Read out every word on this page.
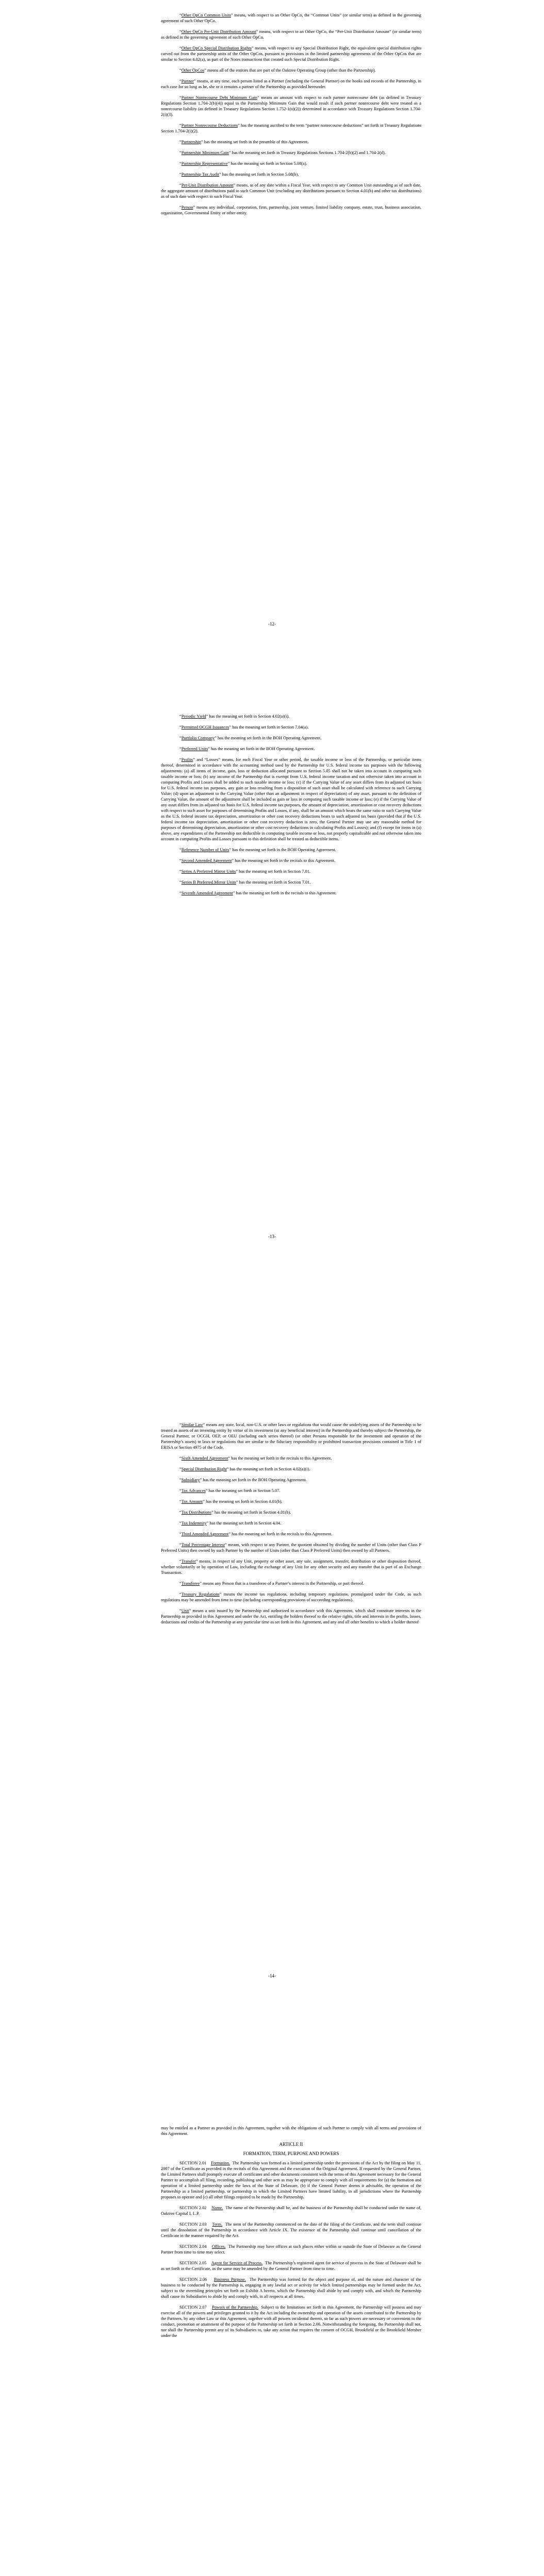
“Other OpCo Common Units” means, with respect to an Other OpCo, the “Common Units” (or similar term) as defined in the governing agreement of such Other OpCo.

“Other OpCo Per-Unit Distribution Amount” means, with respect to an Other OpCo, the “Per-Unit Distribution Amount” (or similar term) as defined in the governing agreement of such Other OpCo.

“Other OpCo Special Distribution Rights” means, with respect to any Special Distribution Right, the equivalent special distribution rights carved out from the partnership units of the Other OpCos, pursuant to provisions in the limited partnership agreements of the Other OpCos that are similar to Section 4.02(a), as part of the Notes transactions that created such Special Distribution Right.

“Other OpCos” means all of the entities that are part of the Oaktree Operating Group (other than the Partnership).

“Partner” means, at any time, each person listed as a Partner (including the General Partner) on the books and records of the Partnership, in each case for so long as he, she or it remains a partner of the Partnership as provided hereunder.

“Partner Nonrecourse Debt Minimum Gain” means an amount with respect to each partner nonrecourse debt (as defined in Treasury Regulations Section 1.704-2(b)(4)) equal to the Partnership Minimum Gain that would result if such partner nonrecourse debt were treated as a nonrecourse liability (as defined in Treasury Regulations Section 1.752-1(a)(2)) determined in accordance with Treasury Regulations Section 1.704-2(i)(3).

“Partner Nonrecourse Deductions” has the meaning ascribed to the term “partner nonrecourse deductions” set forth in Treasury Regulations Section 1.704-2(i)(2).

“Partnership” has the meaning set forth in the preamble of this Agreement.

“Partnership Minimum Gain” has the meaning set forth in Treasury Regulations Sections 1.704-2(b)(2) and 1.704-2(d).

“Partnership Representative” has the meaning set forth in Section 5.08(a).

“Partnership Tax Audit” has the meaning set forth in Section 5.08(b).

“Per-Unit Distribution Amount” means, as of any date within a Fiscal Year, with respect to any Common Unit outstanding as of such date, the aggregate amount of distributions paid to such Common Unit (excluding any distributions pursuant to Section 4.01(b) and other tax distributions) as of such date with respect to such Fiscal Year.

“Person” means any individual, corporation, firm, partnership, joint venture, limited liability company, estate, trust, business association, organization, Governmental Entity or other entity.

-12-

“Periodic Yield” has the meaning set forth in Section 4.02(a)(i).

“Permitted OCGH Issuances” has the meaning set forth in Section 7.04(a).

“Portfolio Company” has the meaning set forth in the BOH Operating Agreement.

“Preferred Units” has the meaning set forth in the BOH Operating Agreement.

“Profits” and “Losses” means, for each Fiscal Year or other period, the taxable income or loss of the Partnership, or particular items thereof, determined in accordance with the accounting method used by the Partnership for U.S. federal income tax purposes with the following adjustments: (a) all items of income, gain, loss or deduction allocated pursuant to Section 5.05 shall not be taken into account in computing such taxable income or loss; (b) any income of the Partnership that is exempt from U.S. federal income taxation and not otherwise taken into account in computing Profits and Losses shall be added to such taxable income or loss; (c) if the Carrying Value of any asset differs from its adjusted tax basis for U.S. federal income tax purposes, any gain or loss resulting from a disposition of such asset shall be calculated with reference to such Carrying Value; (d) upon an adjustment to the Carrying Value (other than an adjustment in respect of depreciation) of any asset, pursuant to the definition of Carrying Value, the amount of the adjustment shall be included as gain or loss in computing such taxable income or loss; (e) if the Carrying Value of any asset differs from its adjusted tax basis for U.S. federal income tax purposes, the amount of depreciation, amortization or cost recovery deductions with respect to such asset for purposes of determining Profits and Losses, if any, shall be an amount which bears the same ratio to such Carrying Value as the U.S. federal income tax depreciation, amortization or other cost recovery deductions bears to such adjusted tax basis (provided that if the U.S. federal income tax depreciation, amortization or other cost recovery deduction is zero, the General Partner may use any reasonable method for purposes of determining depreciation, amortization or other cost recovery deductions in calculating Profits and Losses); and (f) except for items in (a) above, any expenditures of the Partnership not deductible in computing taxable income or loss, not properly capitalizable and not otherwise taken into account in computing Profits and Losses pursuant to this definition shall be treated as deductible items.

“Reference Number of Units” has the meaning set forth in the BOH Operating Agreement.

“Second Amended Agreement” has the meaning set forth in the recitals to this Agreement.

“Series A Preferred Mirror Units” has the meaning set forth in Section 7.01.

“Series B Preferred Mirror Units” has the meaning set forth in Section 7.01.

“Seventh Amended Agreement” has the meaning set forth in the recitals to this Agreement.

-13-

“Similar Law” means any state, local, non-U.S. or other laws or regulations that would cause the underlying assets of the Partnership to be treated as assets of an investing entity by virtue of its investment (or any beneficial interest) in the Partnership and thereby subject the Partnership, the General Partner, or OCGH, OEP, or OEU (including each series thereof) (or other Persons responsible for the investment and operation of the Partnership’s assets) to laws or regulations that are similar to the fiduciary responsibility or prohibited transaction provisions contained in Title 1 of ERISA or Section 4975 of the Code.

“Sixth Amended Agreement” has the meaning set forth in the recitals to this Agreement.

“Special Distribution Right” has the meaning set forth in Section 4.02(a)(i).

“Subsidiary” has the meaning set forth in the BOH Operating Agreement.

“Tax Advances” has the meaning set forth in Section 5.07.

“Tax Amount” has the meaning set forth in Section 4.01(b).

“Tax Distributions” has the meaning set forth in Section 4.01(b).

“Tax Indemnity” has the meaning set forth in Section 4.04.

“Third Amended Agreement” has the meaning set forth in the recitals to this Agreement.

“Total Percentage Interest” means, with respect to any Partner, the quotient obtained by dividing the number of Units (other than Class P Preferred Units) then owned by such Partner by the number of Units (other than Class P Preferred Units) then owned by all Partners.

“Transfer” means, in respect of any Unit, property or other asset, any sale, assignment, transfer, distribution or other disposition thereof, whether voluntarily or by operation of Law, including the exchange of any Unit for any other security and any transfer that is part of an Exchange Transaction.

“Transferee” means any Person that is a transferee of a Partner’s interest in the Partnership, or part thereof.

“Treasury Regulations” means the income tax regulations, including temporary regulations, promulgated under the Code, as such regulations may be amended from time to time (including corresponding provisions of succeeding regulations).

“Unit” means a unit issued by the Partnership and authorized in accordance with this Agreement, which shall constitute interests in the Partnership as provided in this Agreement and under the Act, entitling the holders thereof to the relative rights, title and interests in the profits, losses, deductions and credits of the Partnership at any particular time as set forth in this Agreement, and any and all other benefits to which a holder thereof

-14-

may be entitled as a Partner as provided in this Agreement, together with the obligations of such Partner to comply with all terms and provisions of this Agreement.

ARTICLE II
FORMATION, TERM, PURPOSE AND POWERS

SECTION 2.01 Formation. The Partnership was formed as a limited partnership under the provisions of the Act by the filing on May 11, 2007 of the Certificate as provided in the recitals of this Agreement and the execution of the Original Agreement. If requested by the General Partner, the Limited Partners shall promptly execute all certificates and other documents consistent with the terms of this Agreement necessary for the General Partner to accomplish all filing, recording, publishing and other acts as may be appropriate to comply with all requirements for (a) the formation and operation of a limited partnership under the laws of the State of Delaware, (b) if the General Partner deems it advisable, the operation of the Partnership as a limited partnership, or partnership in which the Limited Partners have limited liability, in all jurisdictions where the Partnership proposes to operate and (c) all other filings required to be made by the Partnership.

SECTION 2.02 Name. The name of the Partnership shall be, and the business of the Partnership shall be conducted under the name of, Oaktree Capital I, L.P.

SECTION 2.03 Term. The term of the Partnership commenced on the date of the filing of the Certificate, and the term shall continue until the dissolution of the Partnership in accordance with Article IX. The existence of the Partnership shall continue until cancellation of the Certificate in the manner required by the Act.

SECTION 2.04 Offices. The Partnership may have offices at such places either within or outside the State of Delaware as the General Partner from time to time may select.

SECTION 2.05 Agent for Service of Process. The Partnership’s registered agent for service of process in the State of Delaware shall be as set forth in the Certificate, as the same may be amended by the General Partner from time to time.

SECTION 2.06 Business Purpose. The Partnership was formed for the object and purpose of, and the nature and character of the business to be conducted by the Partnership is, engaging in any lawful act or activity for which limited partnerships may be formed under the Act, subject to the overriding principles set forth on Exhibit A hereto, which the Partnership shall abide by and comply with, and which the Partnership shall cause its Subsidiaries to abide by and comply with, in all respects at all times.

SECTION 2.07 Powers of the Partnership. Subject to the limitations set forth in this Agreement, the Partnership will possess and may exercise all of the powers and privileges granted to it by the Act including the ownership and operation of the assets contributed to the Partnership by the Partners, by any other Law or this Agreement, together with all powers incidental thereto, so far as such powers are necessary or convenient to the conduct, promotion or attainment of the purpose of the Partnership set forth in Section 2.06. Notwithstanding the foregoing, the Partnership shall not, nor shall the Partnership permit any of its Subsidiaries to, take any action that requires the consent of OCGH, Brookfield or the Brookfield Member under the
